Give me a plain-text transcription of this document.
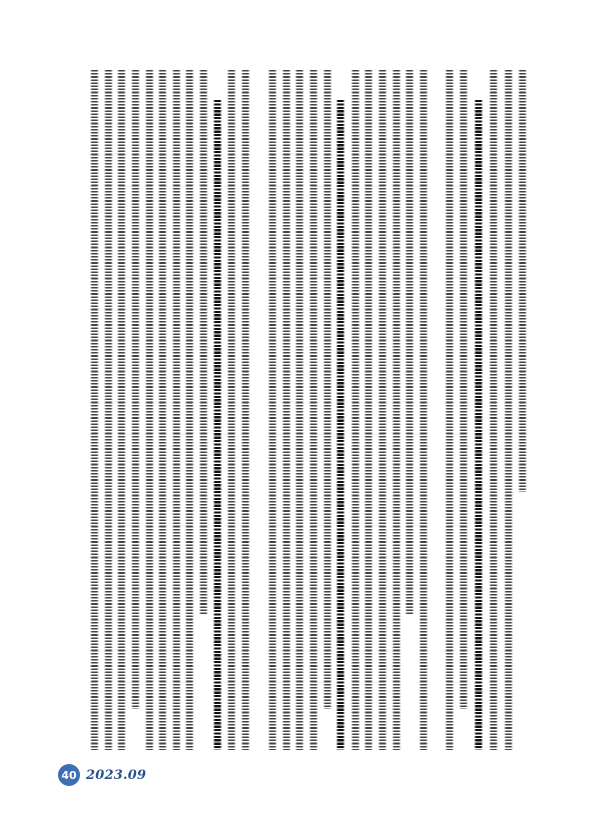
40 2023.09
